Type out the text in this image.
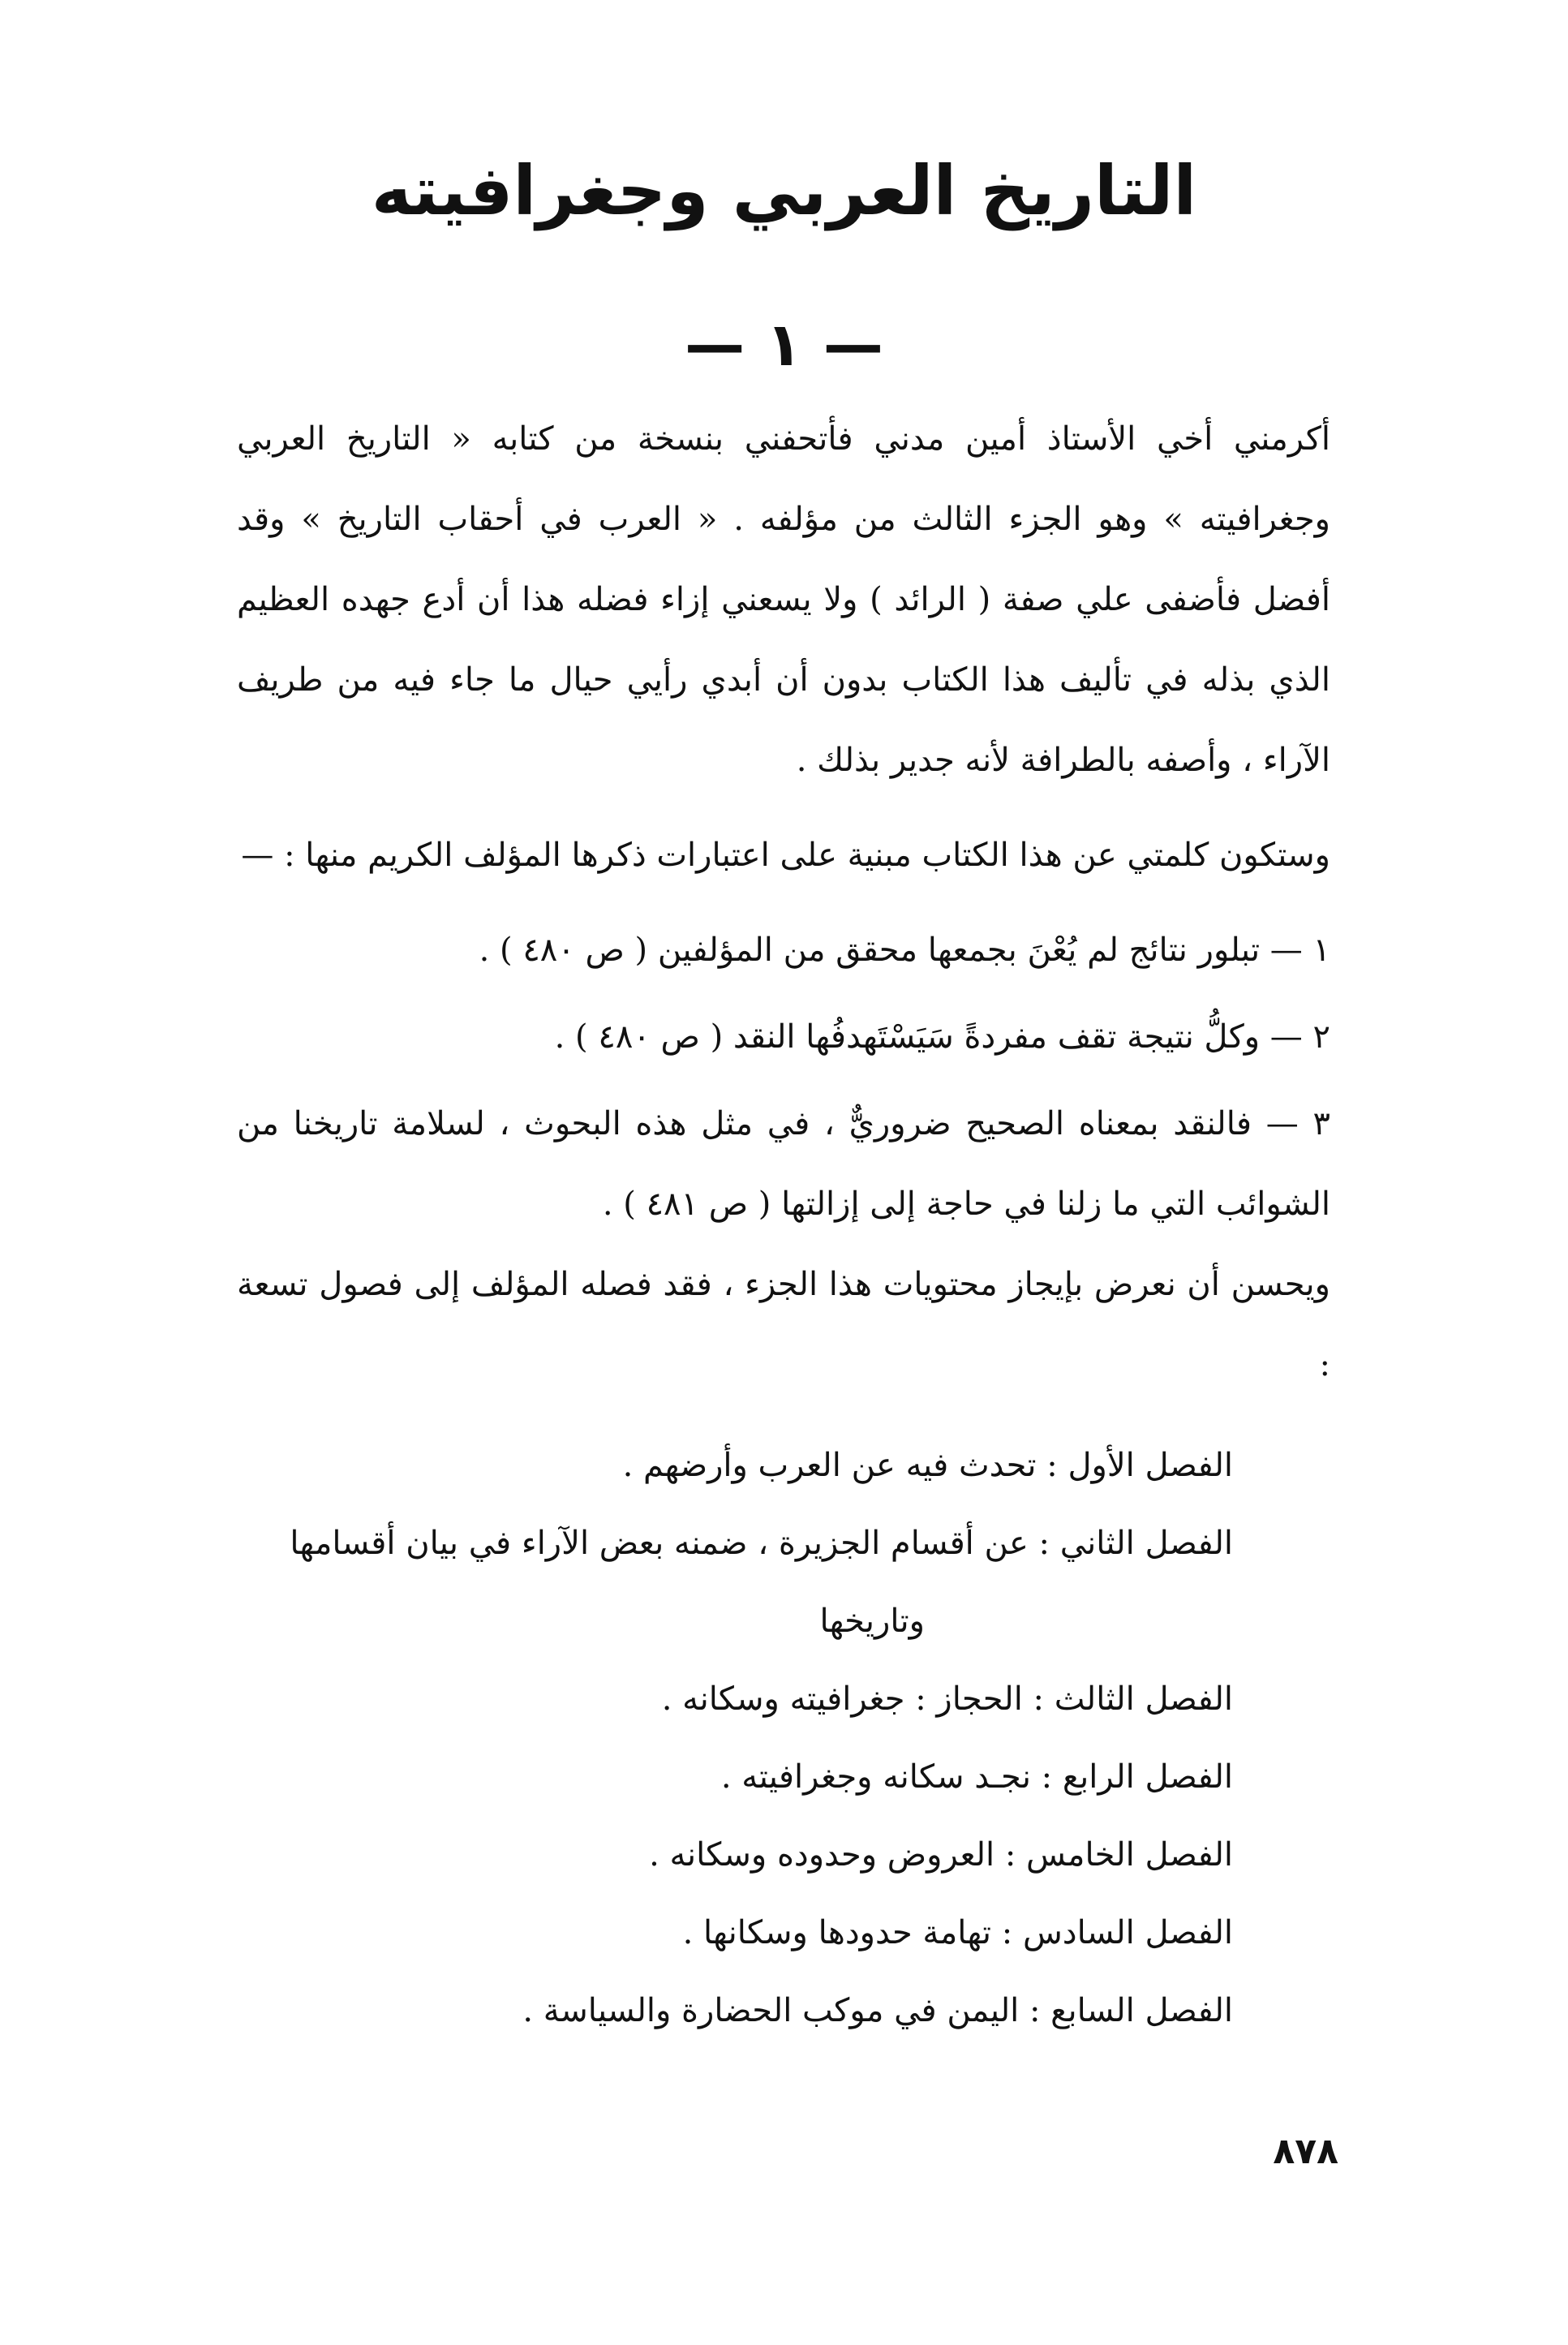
التاريخ العربي وجغرافيته
— ١ —

أكرمني أخي الأستاذ أمين مدني فأتحفني بنسخة من كتابه « التاريخ العربي وجغرافيته » وهو الجزء الثالث من مؤلفه . « العرب في أحقاب التاريخ » وقد أفضل فأضفى علي صفة ( الرائد ) ولا يسعني إزاء فضله هذا أن أدع جهده العظيم الذي بذله في تأليف هذا الكتاب بدون أن أبدي رأيي حيال ما جاء فيه من طريف الآراء ، وأصفه بالطرافة لأنه جدير بذلك .

وستكون كلمتي عن هذا الكتاب مبنية على اعتبارات ذكرها المؤلف الكريم منها : —

١ — تبلور نتائج لم يُعْنَ بجمعها محقق من المؤلفين ( ص ٤٨٠ ) .

٢ — وكلُّ نتيجة تقف مفردةً سَيَسْتَهدفُها النقد ( ص ٤٨٠ ) .

٣ — فالنقد بمعناه الصحيح ضروريٌّ ، في مثل هذه البحوث ، لسلامة تاريخنا من الشوائب التي ما زلنا في حاجة إلى إزالتها ( ص ٤٨١ ) .

ويحسن أن نعرض بإيجاز محتويات هذا الجزء ، فقد فصله المؤلف إلى فصول تسعة :

الفصل الأول : تحدث فيه عن العرب وأرضهم .
الفصل الثاني : عن أقسام الجزيرة ، ضمنه بعض الآراء في بيان أقسامها
وتاريخها
الفصل الثالث : الحجاز : جغرافيته وسكانه .
الفصل الرابع : نجـد سكانه وجغرافيته .
الفصل الخامس : العروض وحدوده وسكانه .
الفصل السادس : تهامة حدودها وسكانها .
الفصل السابع : اليمن في موكب الحضارة والسياسة .
٨٧٨
